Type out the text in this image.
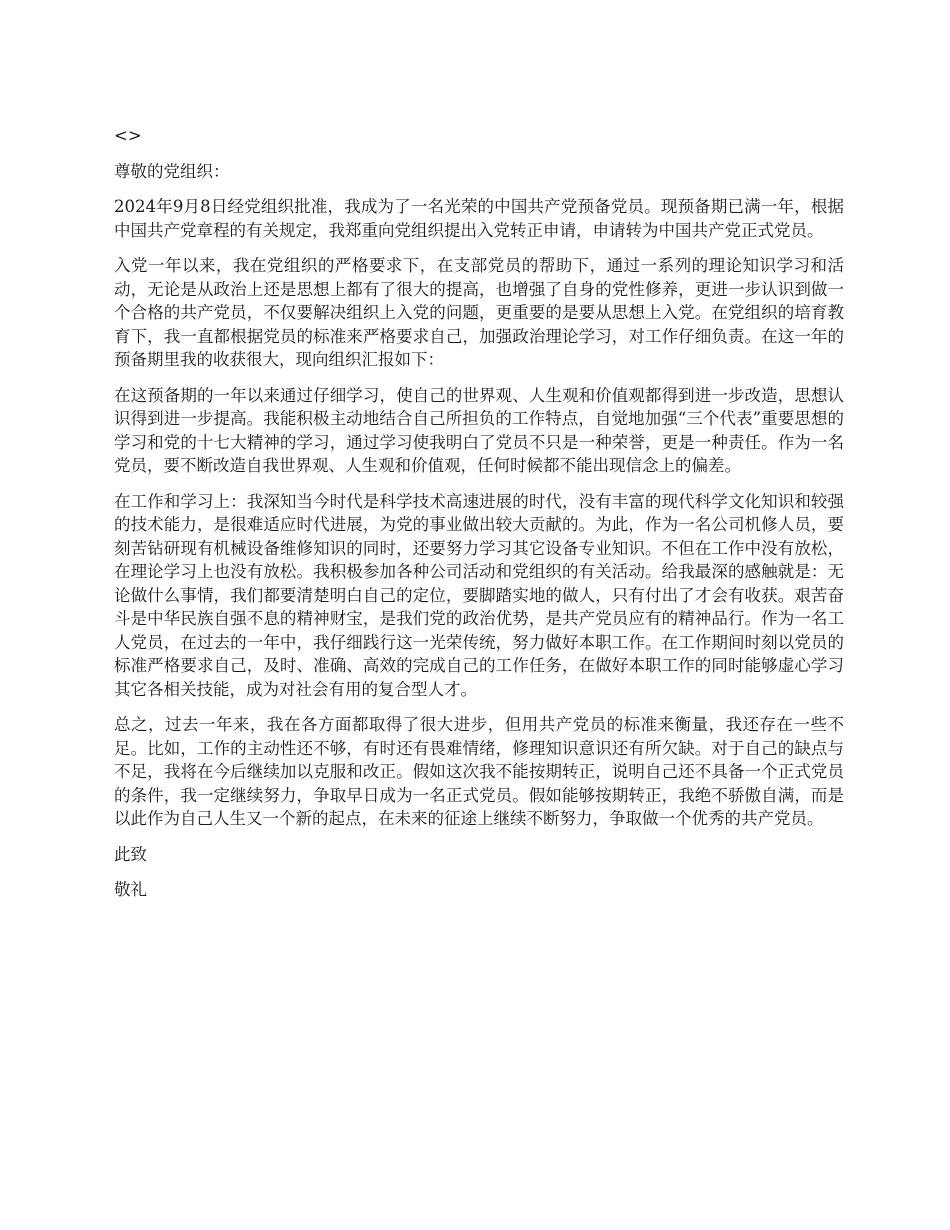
<>

尊敬的党组织：

2024年9月8日经党组织批准，我成为了一名光荣的中国共产党预备党员。现预备期已满一年，根据中国共产党章程的有关规定，我郑重向党组织提出入党转正申请，申请转为中国共产党正式党员。

入党一年以来，我在党组织的严格要求下，在支部党员的帮助下，通过一系列的理论知识学习和活动，无论是从政治上还是思想上都有了很大的提高，也增强了自身的党性修养，更进一步认识到做一个合格的共产党员，不仅要解决组织上入党的问题，更重要的是要从思想上入党。在党组织的培育教育下，我一直都根据党员的标准来严格要求自己，加强政治理论学习，对工作仔细负责。在这一年的预备期里我的收获很大，现向组织汇报如下：

在这预备期的一年以来通过仔细学习，使自己的世界观、人生观和价值观都得到进一步改造，思想认识得到进一步提高。我能积极主动地结合自己所担负的工作特点，自觉地加强“三个代表”重要思想的学习和党的十七大精神的学习，通过学习使我明白了党员不只是一种荣誉，更是一种责任。作为一名党员，要不断改造自我世界观、人生观和价值观，任何时候都不能出现信念上的偏差。

在工作和学习上：我深知当今时代是科学技术高速进展的时代，没有丰富的现代科学文化知识和较强的技术能力，是很难适应时代进展，为党的事业做出较大贡献的。为此，作为一名公司机修人员，要刻苦钻研现有机械设备维修知识的同时，还要努力学习其它设备专业知识。不但在工作中没有放松，在理论学习上也没有放松。我积极参加各种公司活动和党组织的有关活动。给我最深的感触就是：无论做什么事情，我们都要清楚明白自己的定位，要脚踏实地的做人，只有付出了才会有收获。艰苦奋斗是中华民族自强不息的精神财宝，是我们党的政治优势，是共产党员应有的精神品行。作为一名工人党员，在过去的一年中，我仔细践行这一光荣传统，努力做好本职工作。在工作期间时刻以党员的标准严格要求自己，及时、准确、高效的完成自己的工作任务，在做好本职工作的同时能够虚心学习其它各相关技能，成为对社会有用的复合型人才。

总之，过去一年来，我在各方面都取得了很大进步，但用共产党员的标准来衡量，我还存在一些不足。比如，工作的主动性还不够，有时还有畏难情绪，修理知识意识还有所欠缺。对于自己的缺点与不足，我将在今后继续加以克服和改正。假如这次我不能按期转正，说明自己还不具备一个正式党员的条件，我一定继续努力，争取早日成为一名正式党员。假如能够按期转正，我绝不骄傲自满，而是以此作为自己人生又一个新的起点，在未来的征途上继续不断努力，争取做一个优秀的共产党员。

此致

敬礼
